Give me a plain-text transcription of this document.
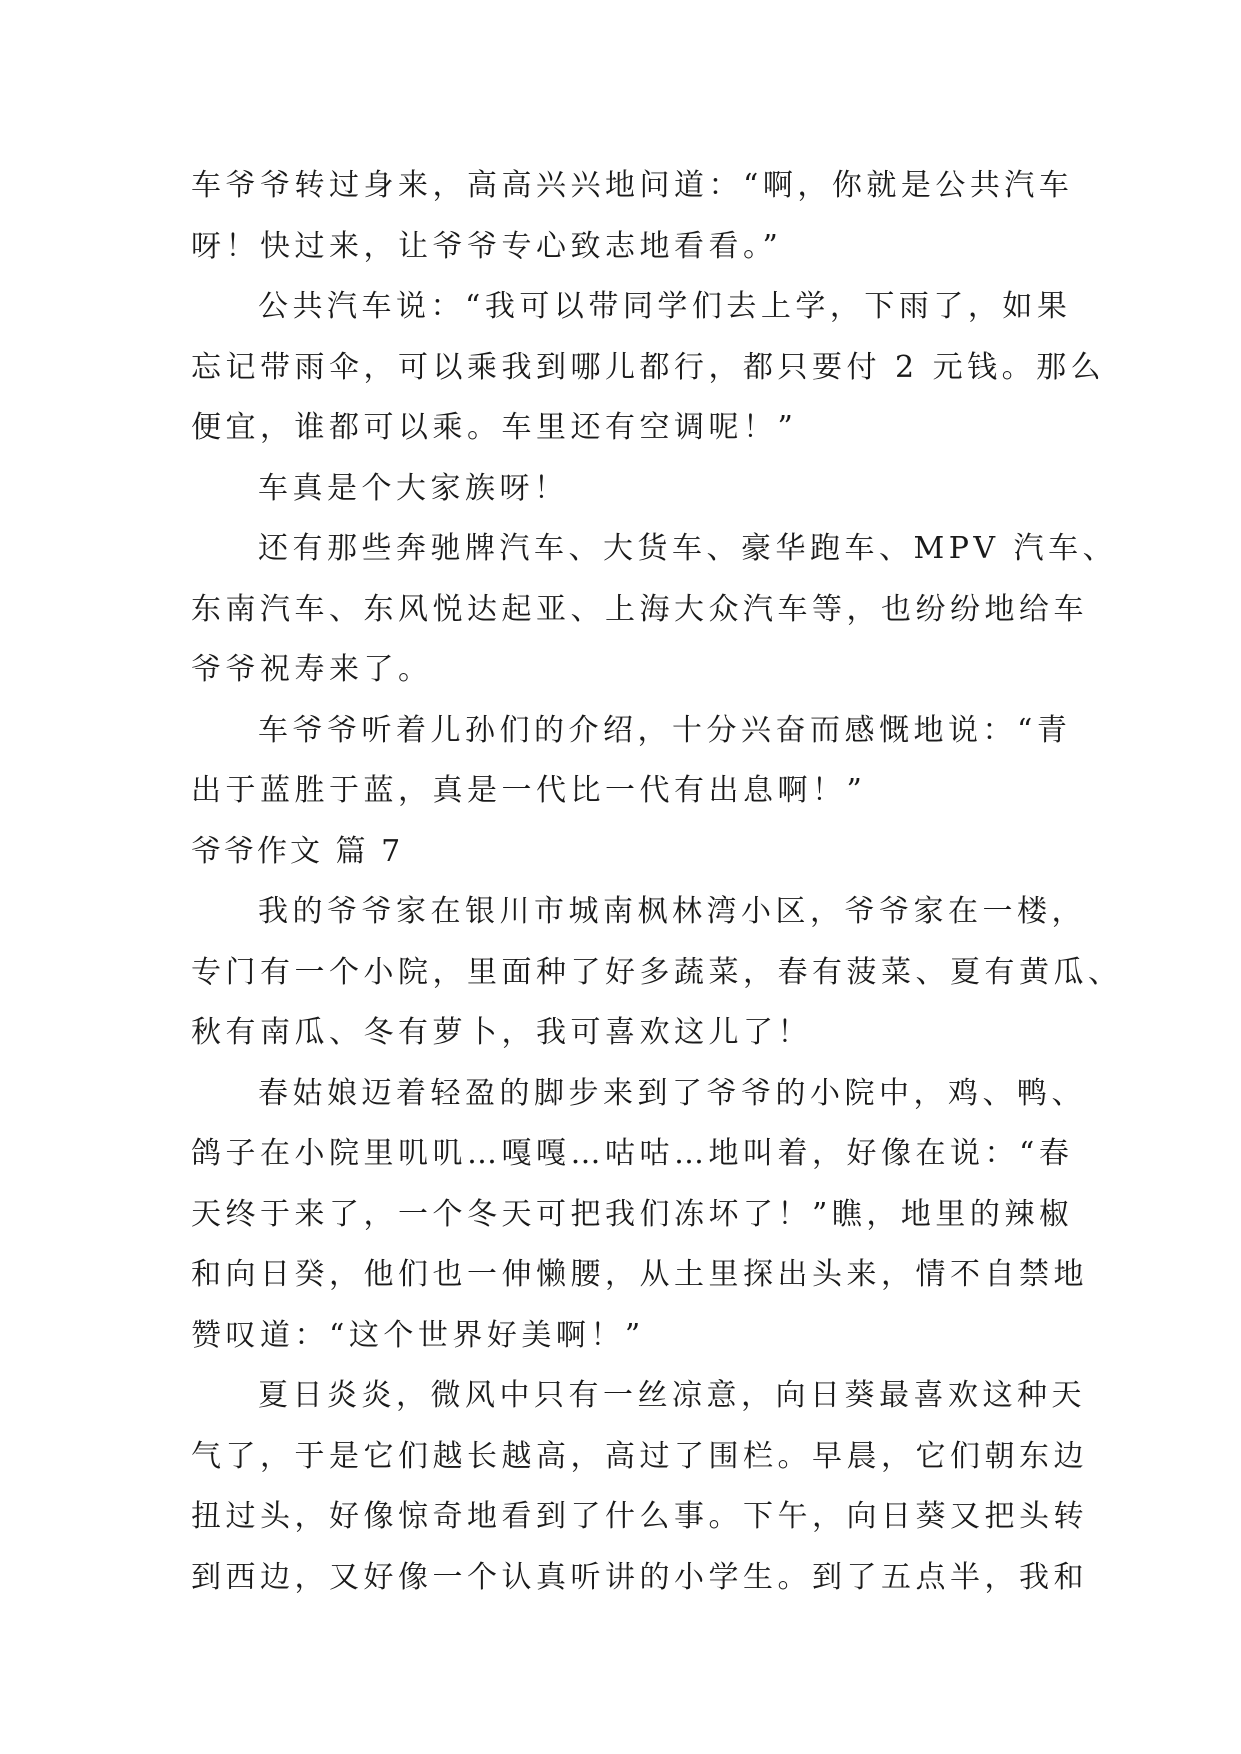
车爷爷转过身来，高高兴兴地问道：“啊，你就是公共汽车
呀！快过来，让爷爷专心致志地看看。”
公共汽车说：“我可以带同学们去上学，下雨了，如果
忘记带雨伞，可以乘我到哪儿都行，都只要付 2 元钱。那么
便宜，谁都可以乘。车里还有空调呢！”
车真是个大家族呀！
还有那些奔驰牌汽车、大货车、豪华跑车、MPV 汽车、
东南汽车、东风悦达起亚、上海大众汽车等，也纷纷地给车
爷爷祝寿来了。
车爷爷听着儿孙们的介绍，十分兴奋而感慨地说：“青
出于蓝胜于蓝，真是一代比一代有出息啊！”
爷爷作文 篇 7
我的爷爷家在银川市城南枫林湾小区，爷爷家在一楼，
专门有一个小院，里面种了好多蔬菜，春有菠菜、夏有黄瓜、
秋有南瓜、冬有萝卜，我可喜欢这儿了！
春姑娘迈着轻盈的脚步来到了爷爷的小院中，鸡、鸭、
鸽子在小院里叽叽…嘎嘎…咕咕…地叫着，好像在说：“春
天终于来了，一个冬天可把我们冻坏了！”瞧，地里的辣椒
和向日癸，他们也一伸懒腰，从土里探出头来，情不自禁地
赞叹道：“这个世界好美啊！”
夏日炎炎，微风中只有一丝凉意，向日葵最喜欢这种天
气了，于是它们越长越高，高过了围栏。早晨，它们朝东边
扭过头，好像惊奇地看到了什么事。下午，向日葵又把头转
到西边，又好像一个认真听讲的小学生。到了五点半，我和
